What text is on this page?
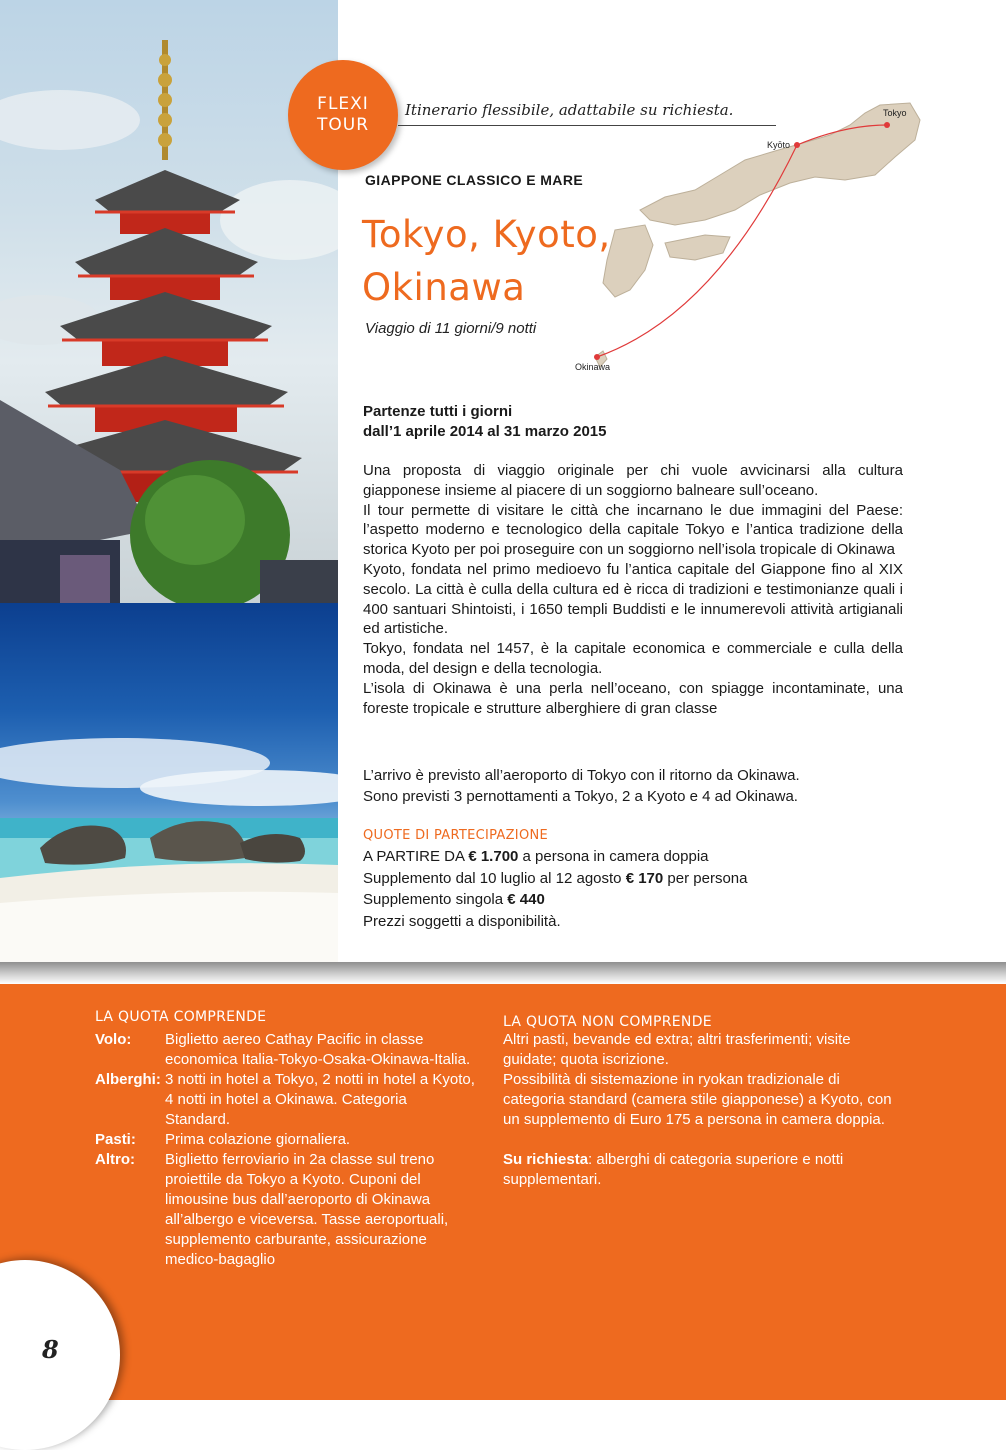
FLEXI
TOUR
Itinerario flessibile, adattabile su richiesta.
GIAPPONE CLASSICO E MARE
Tokyo, Kyoto,
Okinawa
Viaggio di 11 giorni/9 notti
Tokyo
Kyōto
Okinawa
Partenze tutti i giorni
dall’1 aprile 2014 al 31 marzo 2015

Una proposta di viaggio originale per chi vuole avvicinarsi alla cultura giapponese insieme al piacere di un soggiorno balneare sull’oceano.

Il tour permette di visitare le città che incarnano le due immagini del Paese: l’aspetto moderno e tecnologico della capitale Tokyo e l’antica tradizione della storica Kyoto per poi proseguire con un soggiorno nell’isola tropicale di Okinawa

Kyoto, fondata nel primo medioevo fu l’antica capitale del Giappone fino al XIX secolo. La città è culla della cultura ed è ricca di tradizioni e testimonianze quali i 400 santuari Shintoisti, i 1650 templi Buddisti e le innumerevoli attività artigianali ed artistiche.

Tokyo, fondata nel 1457, è la capitale economica e commerciale e culla della moda, del design e della tecnologia.

L’isola di Okinawa è una perla nell’oceano, con spiagge incontaminate, una foreste tropicale e strutture alberghiere di gran classe

L’arrivo è previsto all’aeroporto di Tokyo con il ritorno da Okinawa.
Sono previsti 3 pernottamenti a Tokyo, 2 a Kyoto e 4 ad Okinawa.
QUOTE DI PARTECIPAZIONE
A PARTIRE DA € 1.700 a persona in camera doppia
Supplemento dal 10 luglio al 12 agosto € 170 per persona
Supplemento singola € 440
Prezzi soggetti a disponibilità.
LA QUOTA COMPRENDE
Volo:	Biglietto aereo Cathay Pacific in classe economica Italia-Tokyo-Osaka-Okinawa-Italia.
Alberghi: 3 notti in hotel a Tokyo, 2 notti in hotel a Kyoto, 4 notti in hotel a Okinawa. Categoria Standard.
Pasti:	Prima colazione giornaliera.
Altro:	Biglietto ferroviario in 2a classe sul treno proiettile da Tokyo a Kyoto. Cuponi del limousine bus dall’aeroporto di Okinawa all’albergo e viceversa. Tasse aeroportuali, supplemento carburante, assicurazione medico-bagaglio
LA QUOTA NON COMPRENDE

Altri pasti, bevande ed extra; altri trasferimenti; visite guidate; quota iscrizione.

Possibilità di sistemazione in ryokan tradizionale di categoria standard (camera stile giapponese) a Kyoto, con un supplemento di Euro 175 a persona in camera doppia.

Su richiesta: alberghi di categoria superiore e notti supplementari.

8
